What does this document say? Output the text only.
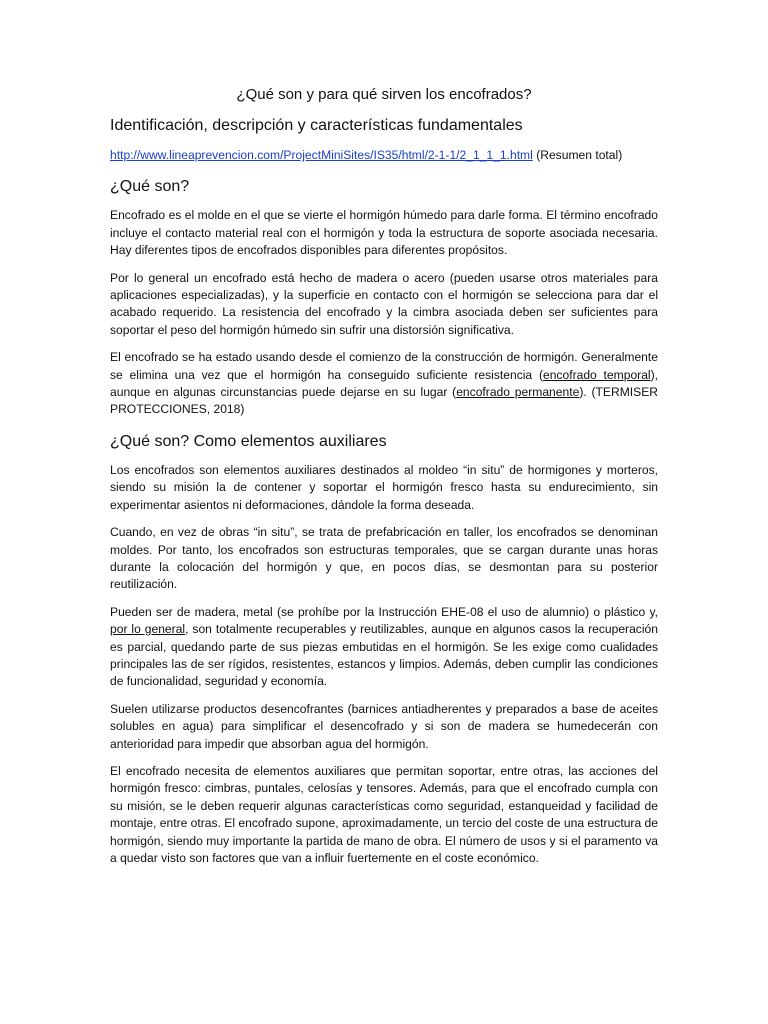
¿Qué son y para qué sirven los encofrados?
Identificación, descripción y características fundamentales

http://www.lineaprevencion.com/ProjectMiniSites/IS35/html/2-1-1/2_1_1_1.html (Resumen total)

¿Qué son?

Encofrado es el molde en el que se vierte el hormigón húmedo para darle forma. El término encofrado incluye el contacto material real con el hormigón y toda la estructura de soporte asociada necesaria. Hay diferentes tipos de encofrados disponibles para diferentes propósitos.

Por lo general un encofrado está hecho de madera o acero (pueden usarse otros materiales para aplicaciones especializadas), y la superficie en contacto con el hormigón se selecciona para dar el acabado requerido. La resistencia del encofrado y la cimbra asociada deben ser suficientes para soportar el peso del hormigón húmedo sin sufrir una distorsión significativa.

El encofrado se ha estado usando desde el comienzo de la construcción de hormigón. Generalmente se elimina una vez que el hormigón ha conseguido suficiente resistencia (encofrado temporal), aunque en algunas circunstancias puede dejarse en su lugar (encofrado permanente). (TERMISER PROTECCIONES, 2018)

¿Qué son? Como elementos auxiliares

Los encofrados son elementos auxiliares destinados al moldeo “in situ” de hormigones y morteros, siendo su misión la de contener y soportar el hormigón fresco hasta su endurecimiento, sin experimentar asientos ni deformaciones, dándole la forma deseada.

Cuando, en vez de obras “in situ”, se trata de prefabricación en taller, los encofrados se denominan moldes. Por tanto, los encofrados son estructuras temporales, que se cargan durante unas horas durante la colocación del hormigón y que, en pocos días, se desmontan para su posterior reutilización.

Pueden ser de madera, metal (se prohíbe por la Instrucción EHE-08 el uso de alumnio) o plástico y, por lo general, son totalmente recuperables y reutilizables, aunque en algunos casos la recuperación es parcial, quedando parte de sus piezas embutidas en el hormigón. Se les exige como cualidades principales las de ser rígidos, resistentes, estancos y limpios. Además, deben cumplir las condiciones de funcionalidad, seguridad y economía.

Suelen utilizarse productos desencofrantes (barnices antiadherentes y preparados a base de aceites solubles en agua) para simplificar el desencofrado y si son de madera se humedecerán con anterioridad para impedir que absorban agua del hormigón.

El encofrado necesita de elementos auxiliares que permitan soportar, entre otras, las acciones del hormigón fresco: cimbras, puntales, celosías y tensores. Además, para que el encofrado cumpla con su misión, se le deben requerir algunas características como seguridad, estanqueidad y facilidad de montaje, entre otras. El encofrado supone, aproximadamente, un tercio del coste de una estructura de hormigón, siendo muy importante la partida de mano de obra. El número de usos y si el paramento va a quedar visto son factores que van a influir fuertemente en el coste económico.
